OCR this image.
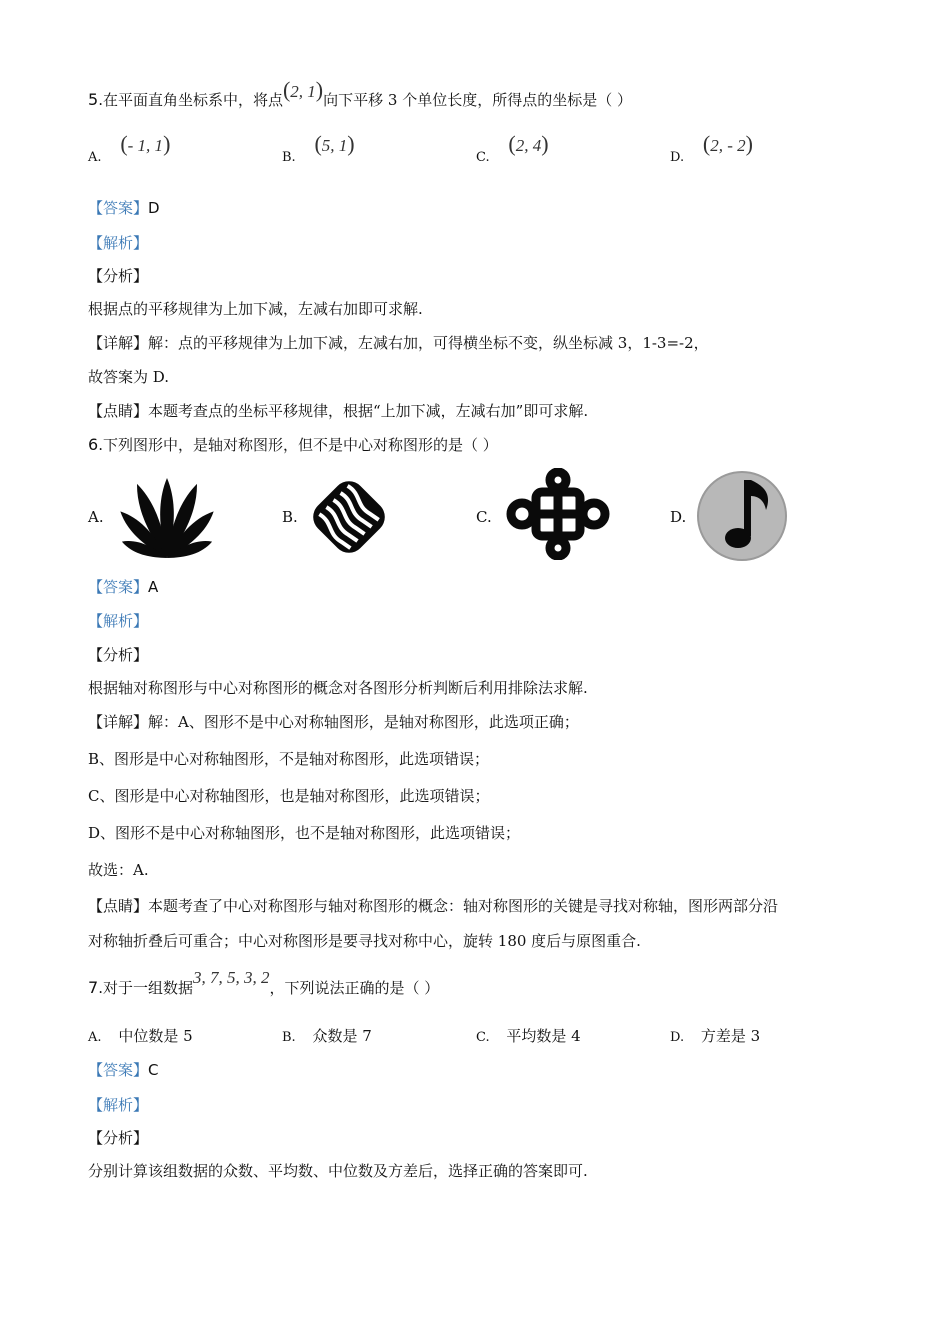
5.在平面直角坐标系中，将点(2, 1)向下平移 3 个单位长度，所得点的坐标是（ ）
A. (- 1, 1)
B. (5, 1)
C. (2, 4)
D. (2, - 2)
【答案】D
【解析】
【分析】
根据点的平移规律为上加下减，左减右加即可求解.
【详解】解：点的平移规律为上加下减，左减右加，可得横坐标不变，纵坐标减 3，1-3=-2，
故答案为 D.
【点睛】本题考查点的坐标平移规律，根据“上加下减，左减右加”即可求解.
6.下列图形中，是轴对称图形，但不是中心对称图形的是（ ）
A.	B.	C.	D.
【答案】A
【解析】
【分析】
根据轴对称图形与中心对称图形的概念对各图形分析判断后利用排除法求解.
【详解】解：A、图形不是中心对称轴图形，是轴对称图形，此选项正确；
B、图形是中心对称轴图形，不是轴对称图形，此选项错误；
C、图形是中心对称轴图形，也是轴对称图形，此选项错误；
D、图形不是中心对称轴图形，也不是轴对称图形，此选项错误；
故选：A.
【点睛】本题考查了中心对称图形与轴对称图形的概念：轴对称图形的关键是寻找对称轴，图形两部分沿
对称轴折叠后可重合；中心对称图形是要寻找对称中心，旋转 180 度后与原图重合.
7.对于一组数据3, 7, 5, 3, 2，下列说法正确的是（ ）
A. 中位数是 5	B. 众数是 7	C. 平均数是 4	D. 方差是 3
【答案】C
【解析】
【分析】
分别计算该组数据的众数、平均数、中位数及方差后，选择正确的答案即可.
